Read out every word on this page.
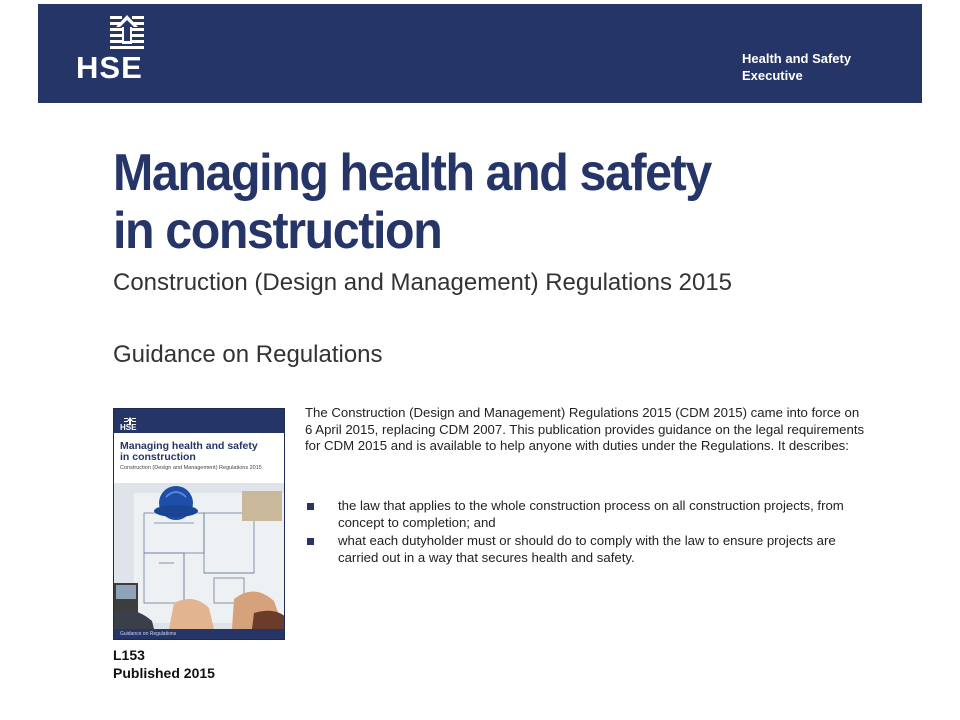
HSE	Health and Safety
Executive
Managing health and safety
in construction
Construction (Design and Management) Regulations 2015
Guidance on Regulations
HSE
Managing health and safety
in construction
Construction (Design and Management) Regulations 2015
Guidance on Regulations
L153
Published 2015

The Construction (Design and Management) Regulations 2015 (CDM 2015) came into force on 6 April 2015, replacing CDM 2007. This publication provides guidance on the legal requirements for CDM 2015 and is available to help anyone with duties under the Regulations. It describes:

the law that applies to the whole construction process on all construction projects, from concept to completion; and
what each dutyholder must or should do to comply with the law to ensure projects are carried out in a way that secures health and safety.
